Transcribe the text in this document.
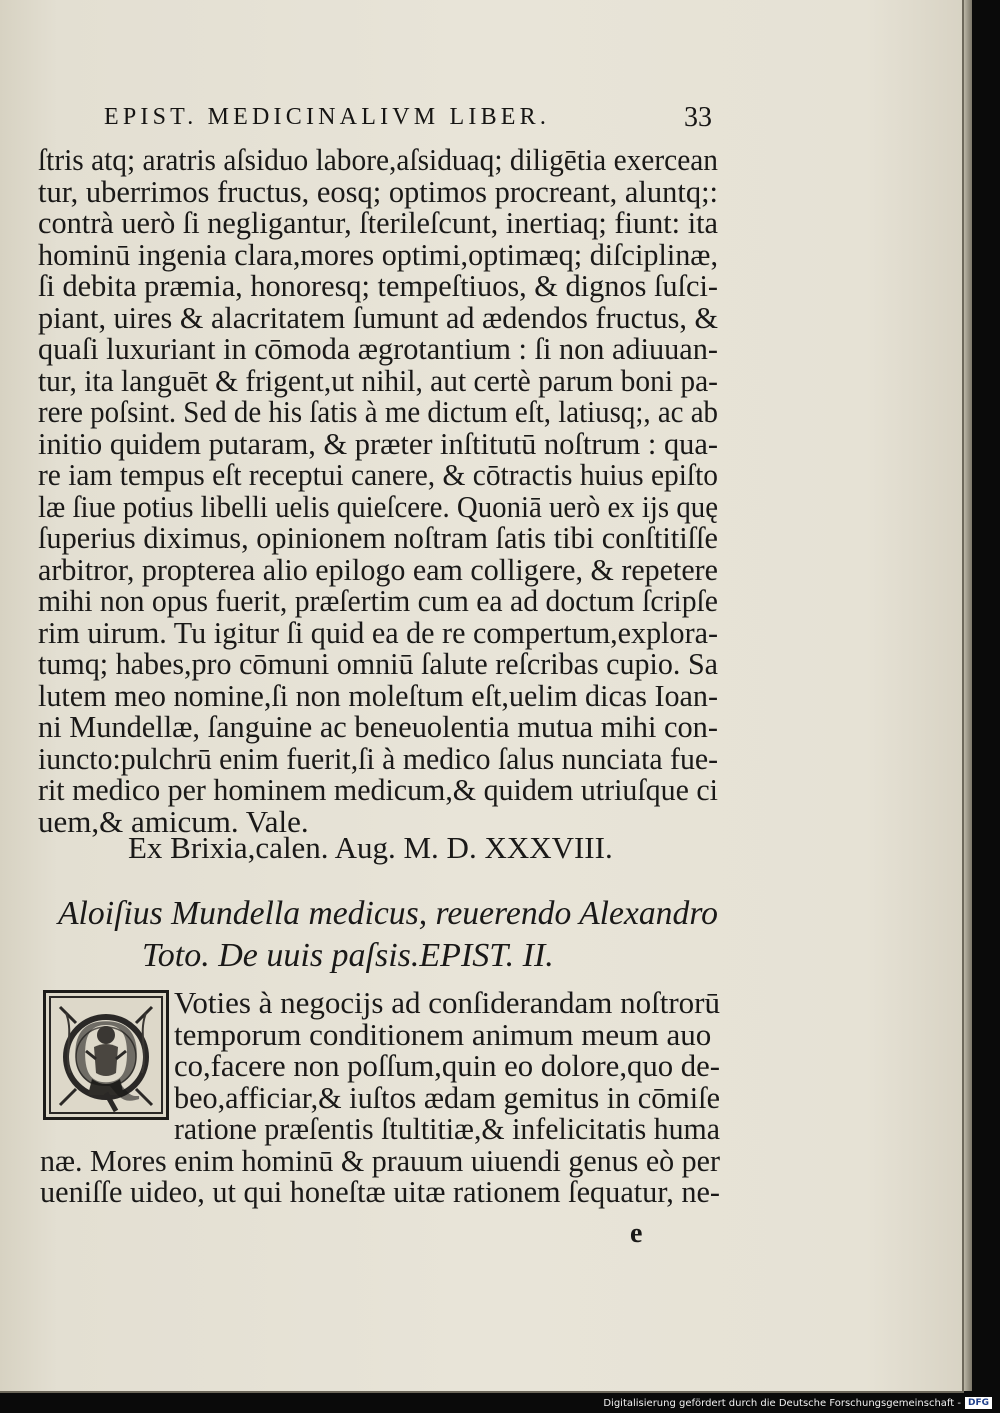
EPIST. MEDICINALIVM LIBER.	33
ſtris atq; aratris aſsiduo labore,aſsiduaq; diligētia exercean
tur, uberrimos fructus, eosq; optimos procreant, aluntq;:
contrà uerò ſi negligantur, ſterileſcunt, inertiaq; fiunt: ita
hominū ingenia clara,mores optimi,optimæq; diſciplinæ,
ſi debita præmia, honoresq; tempeſtiuos, & dignos ſuſci-
piant, uires & alacritatem ſumunt ad ædendos fructus, &
quaſi luxuriant in cōmoda ægrotantium : ſi non adiuuan-
tur, ita languēt & frigent,ut nihil, aut certè parum boni pa-
rere poſsint. Sed de his ſatis à me dictum eſt, latiusq;, ac ab
initio quidem putaram, & præter inſtitutū noſtrum : qua-
re iam tempus eſt receptui canere, & cōtractis huius epiſto
læ ſiue potius libelli uelis quieſcere. Quoniā uerò ex ijs quę
ſuperius diximus, opinionem noſtram ſatis tibi conſtitiſſe
arbitror, propterea alio epilogo eam colligere, & repetere
mihi non opus fuerit, præſertim cum ea ad doctum ſcripſe
rim uirum. Tu igitur ſi quid ea de re compertum,explora-
tumq; habes,pro cōmuni omniū ſalute reſcribas cupio. Sa
lutem meo nomine,ſi non moleſtum eſt,uelim dicas Ioan-
ni Mundellæ, ſanguine ac beneuolentia mutua mihi con-
iuncto:pulchrū enim fuerit,ſi à medico ſalus nunciata fue-
rit medico per hominem medicum,& quidem utriuſque ci
uem,& amicum. Vale.
Ex Brixia,calen. Aug. M. D. XXXVIII.
Aloiſius Mundella medicus, reuerendo Alexandro
Toto. De uuis paſsis.EPIST. II.
Q	Voties à negocijs ad conſiderandam noſtrorū
temporum conditionem animum meum auo
co,facere non poſſum,quin eo dolore,quo de-
beo,afficiar,& iuſtos ædam gemitus in cōmiſe
ratione præſentis ſtultitiæ,& infelicitatis huma
næ. Mores enim hominū & prauum uiuendi genus eò per
ueniſſe uideo, ut qui honeſtæ uitæ rationem ſequatur, ne-
e
Digitalisierung gefördert durch die Deutsche Forschungsgemeinschaft - DFG
